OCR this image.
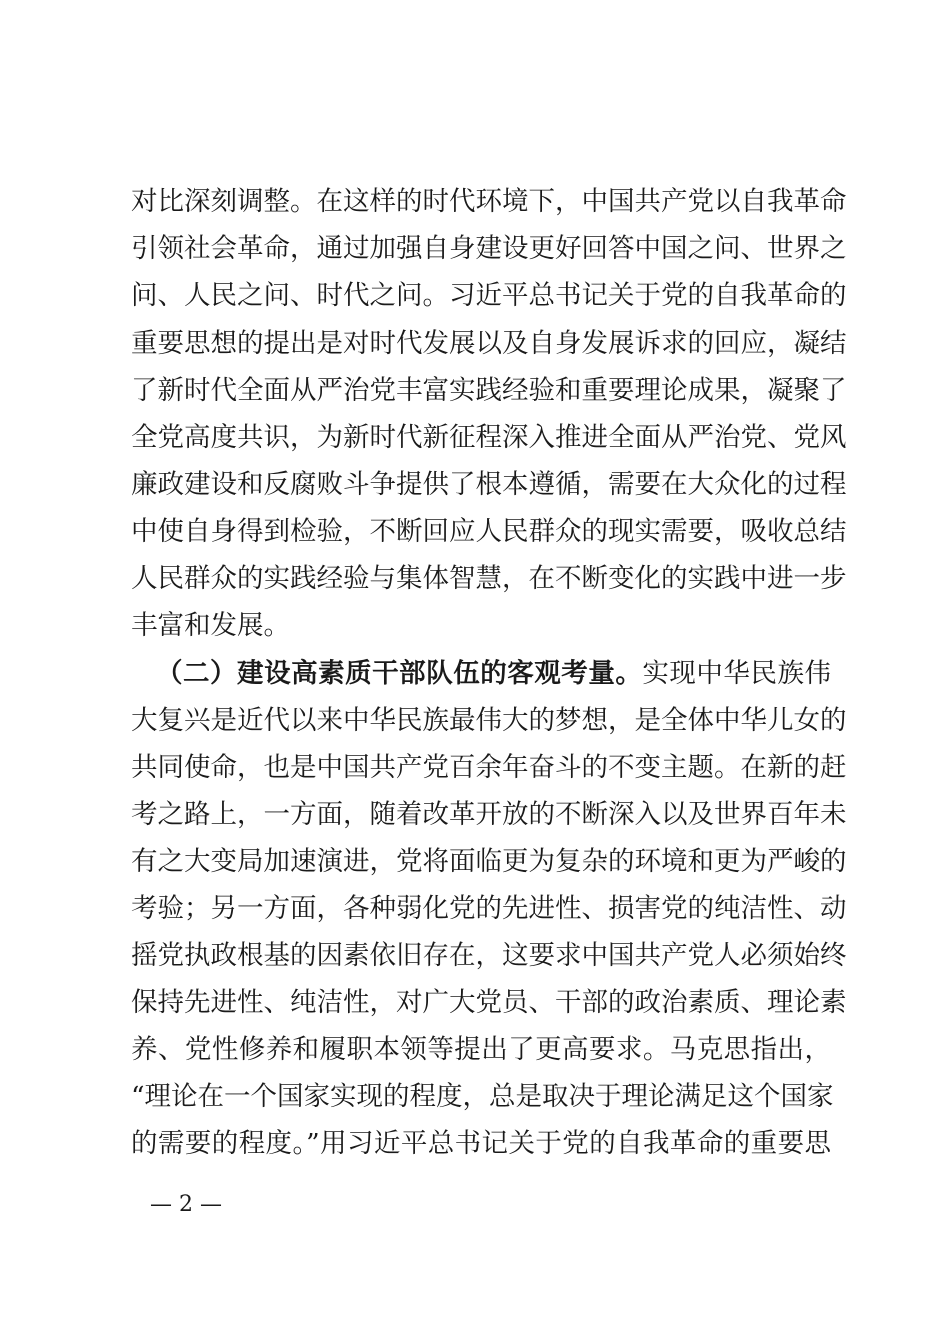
对比深刻调整。在这样的时代环境下，中国共产党以自我革命
引领社会革命，通过加强自身建设更好回答中国之问、世界之
问、人民之问、时代之问。习近平总书记关于党的自我革命的
重要思想的提出是对时代发展以及自身发展诉求的回应，凝结
了新时代全面从严治党丰富实践经验和重要理论成果，凝聚了
全党高度共识，为新时代新征程深入推进全面从严治党、党风
廉政建设和反腐败斗争提供了根本遵循，需要在大众化的过程
中使自身得到检验，不断回应人民群众的现实需要，吸收总结
人民群众的实践经验与集体智慧，在不断变化的实践中进一步
丰富和发展。
（二）建设高素质干部队伍的客观考量。实现中华民族伟
大复兴是近代以来中华民族最伟大的梦想，是全体中华儿女的
共同使命，也是中国共产党百余年奋斗的不变主题。在新的赶
考之路上，一方面，随着改革开放的不断深入以及世界百年未
有之大变局加速演进，党将面临更为复杂的环境和更为严峻的
考验；另一方面，各种弱化党的先进性、损害党的纯洁性、动
摇党执政根基的因素依旧存在，这要求中国共产党人必须始终
保持先进性、纯洁性，对广大党员、干部的政治素质、理论素
养、党性修养和履职本领等提出了更高要求。马克思指出，
“理论在一个国家实现的程度，总是取决于理论满足这个国家
的需要的程度。”用习近平总书记关于党的自我革命的重要思
— 2 —
